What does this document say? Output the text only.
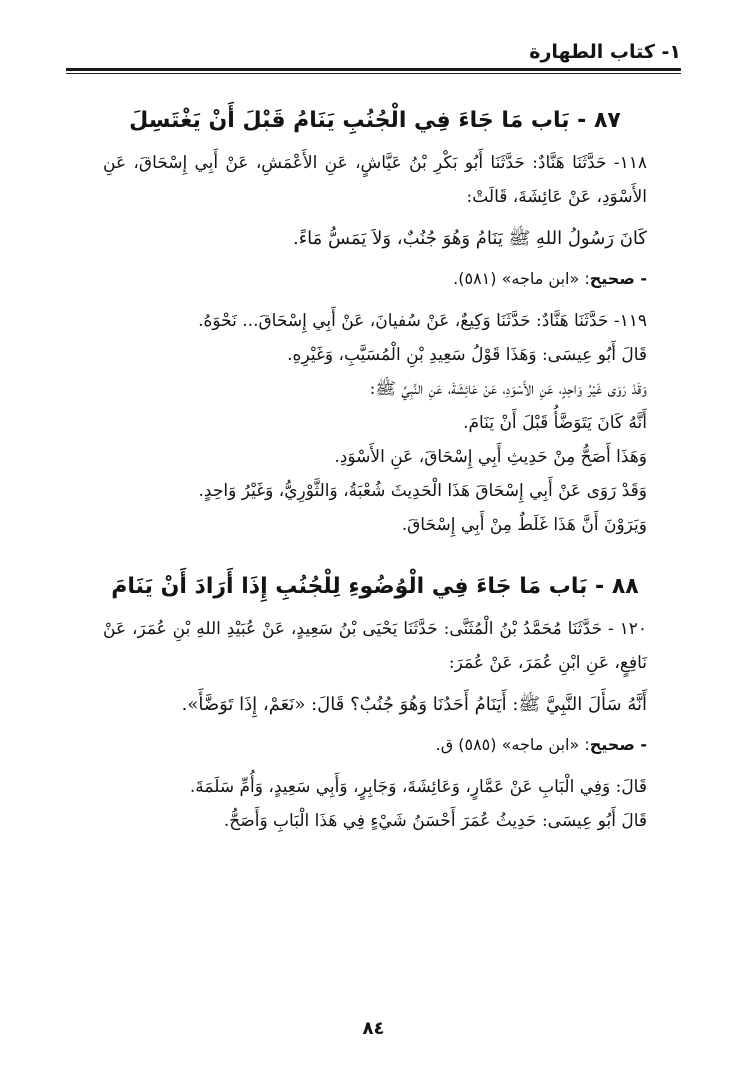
١- كتاب الطهارة
٨٧ - بَاب مَا جَاءَ فِي الْجُنُبِ يَنَامُ قَبْلَ أَنْ يَغْتَسِلَ

١١٨- حَدَّثَنَا هَنَّادٌ: حَدَّثَنَا أَبُو بَكْرِ بْنُ عَيَّاشٍ، عَنِ الأَعْمَشِ، عَنْ أَبِي إِسْحَاقَ، عَنِ الأَسْوَدِ، عَنْ عَائِشَةَ، قَالَتْ:

كَانَ رَسُولُ اللهِ ﷺ يَنَامُ وَهُوَ جُنُبٌ، وَلاَ يَمَسُّ مَاءً.

- صحيح: «ابن ماجه» (٥٨١).

١١٩- حَدَّثَنَا هَنَّادٌ: حَدَّثَنَا وَكِيعٌ، عَنْ سُفيانَ، عَنْ أَبِي إِسْحَاقَ... نَحْوَهُ.

قَالَ أَبُو عِيسَى: وَهَذَا قَوْلُ سَعِيدِ بْنِ الْمُسَيَّبِ، وَغَيْرِهِ.

وَقَدْ رَوَى غَيْرُ وَاحِدٍ، عَنِ الأَسْوَدِ، عَنْ عَائِشَةَ، عَنِ النَّبِيِّ ﷺ:

أَنَّهُ كَانَ يَتَوَضَّأُ قَبْلَ أَنْ يَنَامَ.

وَهَذَا أَصَحُّ مِنْ حَدِيثِ أَبِي إِسْحَاقَ، عَنِ الأَسْوَدِ.

وَقَدْ رَوَى عَنْ أَبِي إِسْحَاقَ هَذَا الْحَدِيثَ شُعْبَةُ، وَالثَّوْرِيُّ، وَغَيْرُ وَاحِدٍ.

وَيَرَوْنَ أَنَّ هَذَا غَلَطٌ مِنْ أَبِي إِسْحَاقَ.

٨٨ - بَاب مَا جَاءَ فِي الْوُضُوءِ لِلْجُنُبِ إِذَا أَرَادَ أَنْ يَنَامَ

١٢٠ - حَدَّثَنَا مُحَمَّدُ بْنُ الْمُثَنَّى: حَدَّثَنَا يَحْيَى بْنُ سَعِيدٍ، عَنْ عُبَيْدِ اللهِ بْنِ عُمَرَ، عَنْ نَافِعٍ، عَنِ ابْنِ عُمَرَ، عَنْ عُمَرَ:

أَنَّهُ سَأَلَ النَّبِيَّ ﷺ: أَيَنَامُ أَحَدُنَا وَهُوَ جُنُبٌ؟ قَالَ: «نَعَمْ، إِذَا تَوَضَّأَ».

- صحيح: «ابن ماجه» (٥٨٥) ق.

قَالَ: وَفِي الْبَابِ عَنْ عَمَّارٍ، وَعَائِشَةَ، وَجَابِرٍ، وَأَبِي سَعِيدٍ، وَأُمِّ سَلَمَةَ.

قَالَ أَبُو عِيسَى: حَدِيثُ عُمَرَ أَحْسَنُ شَيْءٍ فِي هَذَا الْبَابِ وَأَصَحُّ.

٨٤
